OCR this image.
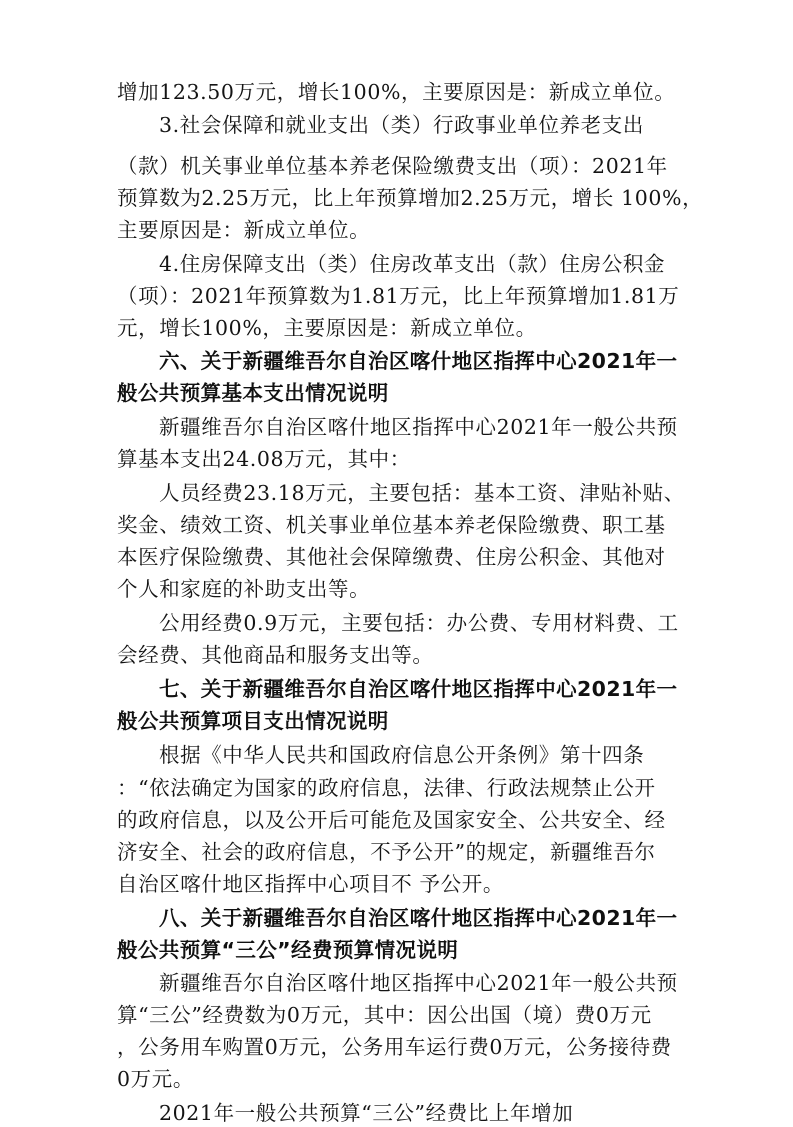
增加123.50万元，增长100%，主要原因是：新成立单位。

3.社会保障和就业支出（类）行政事业单位养老支出

（款）机关事业单位基本养老保险缴费支出（项）：2021年

预算数为2.25万元，比上年预算增加2.25万元，增长 100%，

主要原因是：新成立单位。

4.住房保障支出（类）住房改革支出（款）住房公积金

（项）：2021年预算数为1.81万元，比上年预算增加1.81万

元，增长100%，主要原因是：新成立单位。

六、关于新疆维吾尔自治区喀什地区指挥中心2021年一

般公共预算基本支出情况说明

新疆维吾尔自治区喀什地区指挥中心2021年一般公共预

算基本支出24.08万元，其中：

人员经费23.18万元，主要包括：基本工资、津贴补贴、

奖金、绩效工资、机关事业单位基本养老保险缴费、职工基

本医疗保险缴费、其他社会保障缴费、住房公积金、其他对

个人和家庭的补助支出等。

公用经费0.9万元，主要包括：办公费、专用材料费、工

会经费、其他商品和服务支出等。

七、关于新疆维吾尔自治区喀什地区指挥中心2021年一

般公共预算项目支出情况说明

根据《中华人民共和国政府信息公开条例》第十四条

：“依法确定为国家的政府信息，法律、行政法规禁止公开

的政府信息，以及公开后可能危及国家安全、公共安全、经

济安全、社会的政府信息，不予公开”的规定，新疆维吾尔

自治区喀什地区指挥中心项目不 予公开。

八、关于新疆维吾尔自治区喀什地区指挥中心2021年一

般公共预算“三公”经费预算情况说明

新疆维吾尔自治区喀什地区指挥中心2021年一般公共预

算“三公”经费数为0万元，其中：因公出国（境）费0万元

，公务用车购置0万元，公务用车运行费0万元，公务接待费

0万元。

2021年一般公共预算“三公”经费比上年增加
